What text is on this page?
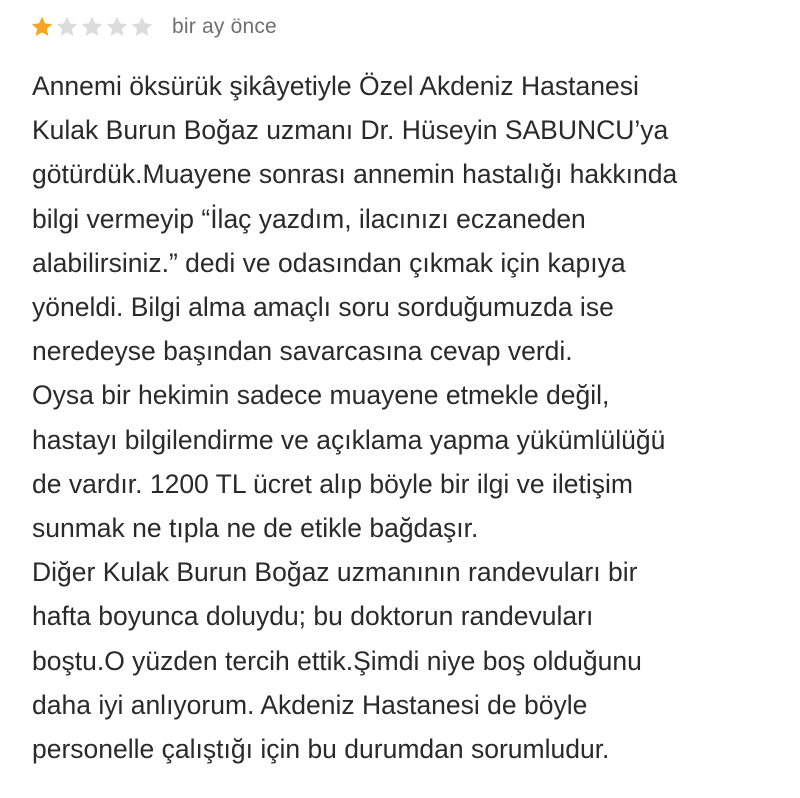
bir ay önce

Annemi öksürük şikâyetiyle Özel Akdeniz Hastanesi
Kulak Burun Boğaz uzmanı Dr. Hüseyin SABUNCU’ya
götürdük.Muayene sonrası annemin hastalığı hakkında
bilgi vermeyip “İlaç yazdım, ilacınızı eczaneden
alabilirsiniz.” dedi ve odasından çıkmak için kapıya
yöneldi. Bilgi alma amaçlı soru sorduğumuzda ise
neredeyse başından savarcasına cevap verdi.
Oysa bir hekimin sadece muayene etmekle değil,
hastayı bilgilendirme ve açıklama yapma yükümlülüğü
de vardır. 1200 TL ücret alıp böyle bir ilgi ve iletişim
sunmak ne tıpla ne de etikle bağdaşır.
Diğer Kulak Burun Boğaz uzmanının randevuları bir
hafta boyunca doluydu; bu doktorun randevuları
boştu.O yüzden tercih ettik.Şimdi niye boş olduğunu
daha iyi anlıyorum. Akdeniz Hastanesi de böyle
personelle çalıştığı için bu durumdan sorumludur.
